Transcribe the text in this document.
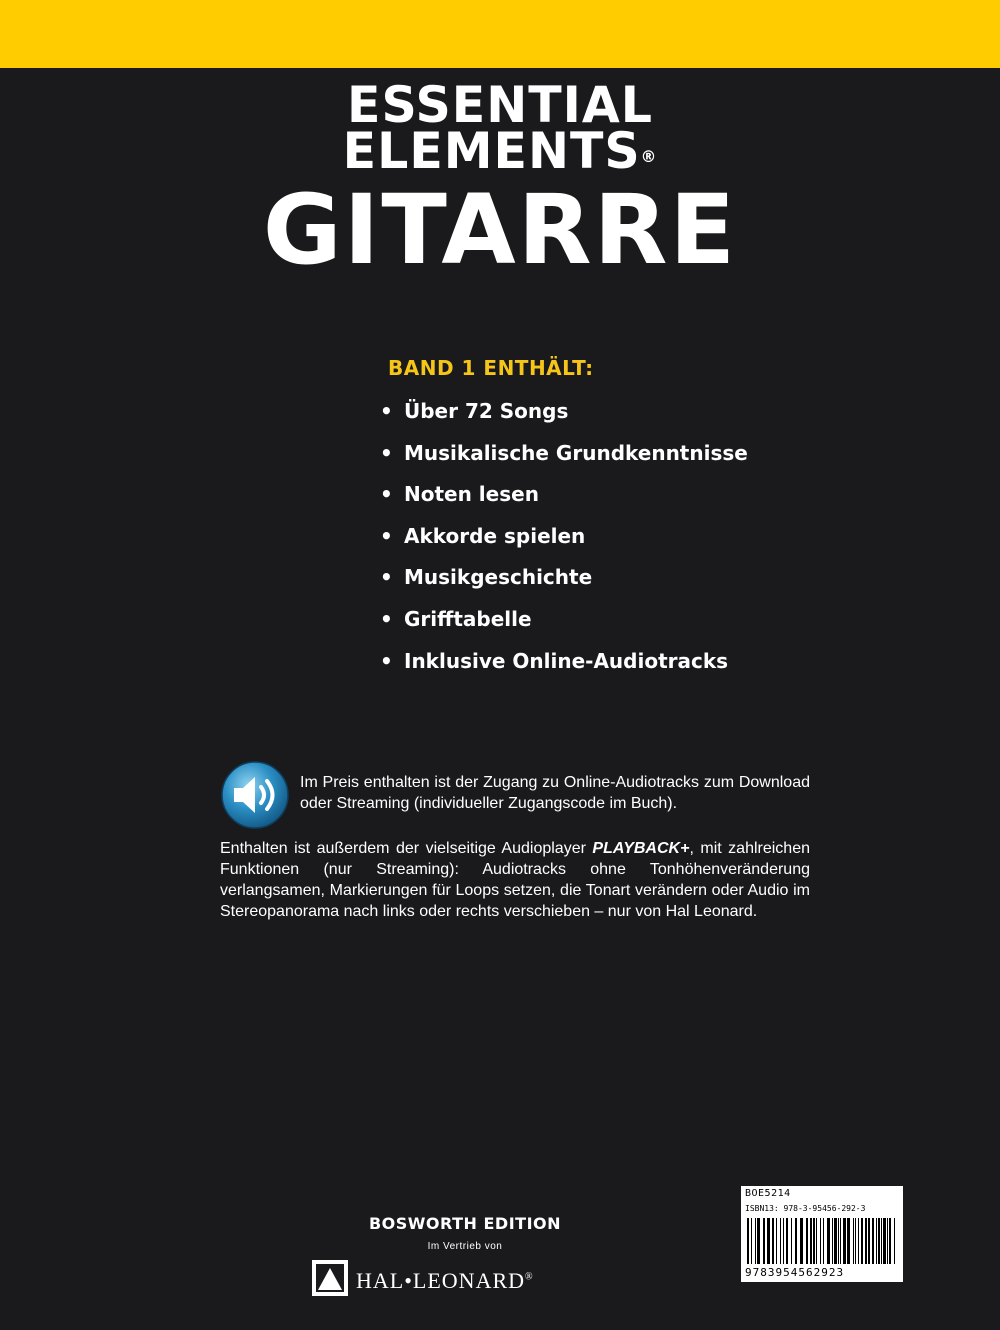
ESSENTIAL
ELEMENTS®
GITARRE
BAND 1 ENTHÄLT:
• Über 72 Songs
• Musikalische Grundkenntnisse
• Noten lesen
• Akkorde spielen
• Musikgeschichte
• Grifftabelle
• Inklusive Online-Audiotracks
Im Preis enthalten ist der Zugang zu Online-Audiotracks zum Download oder Streaming (individueller Zugangscode im Buch).
Enthalten ist außerdem der vielseitige Audioplayer PLAYBACK+, mit zahlreichen Funktionen (nur Streaming): Audiotracks ohne Tonhöhenveränderung verlangsamen, Markierungen für Loops setzen, die Tonart verändern oder Audio im Stereopanorama nach links oder rechts verschieben – nur von Hal Leonard.
BOSWORTH EDITION
Im Vertrieb von
HAL•LEONARD®
BOE5214
ISBN13: 978-3-95456-292-3
9783954562923
